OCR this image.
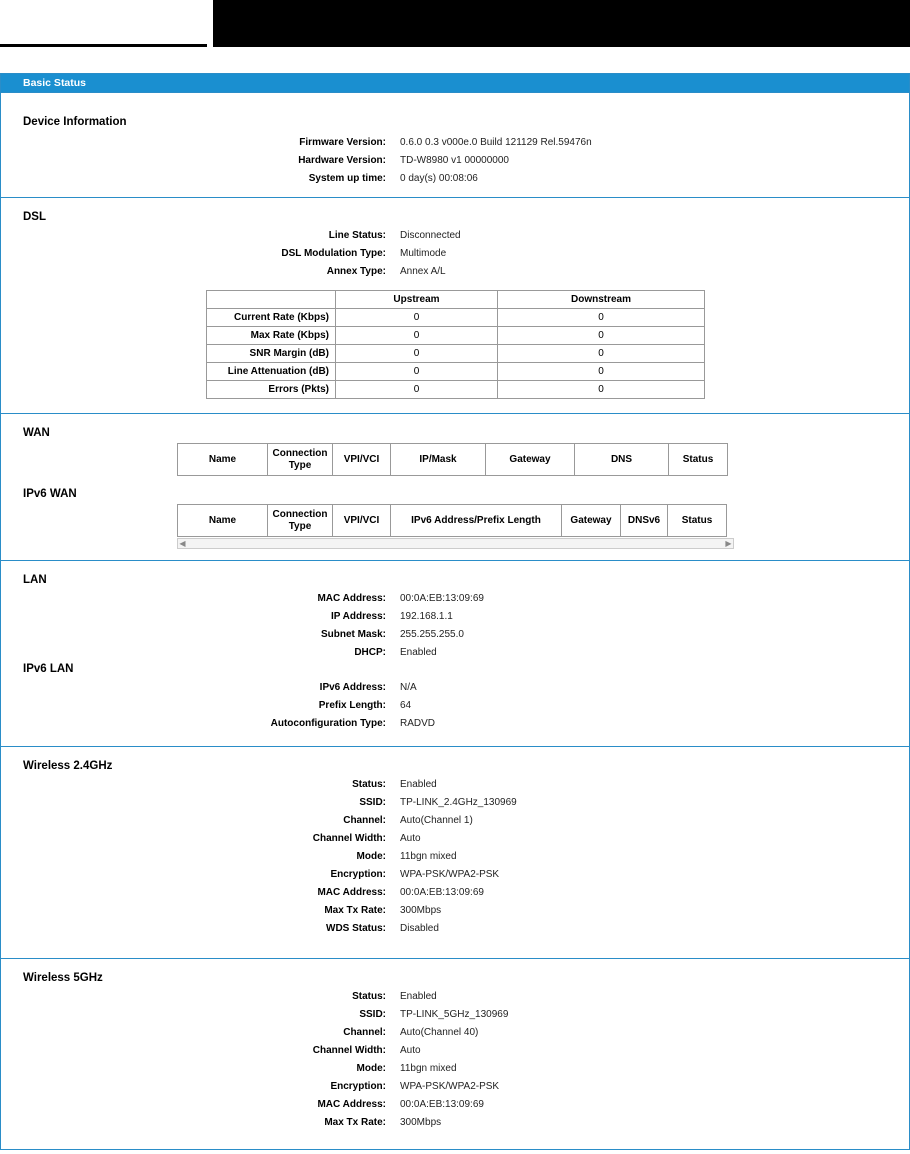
Basic Status
Device Information
Firmware Version: 0.6.0 0.3 v000e.0 Build 121129 Rel.59476n
Hardware Version: TD-W8980 v1 00000000
System up time: 0 day(s) 00:08:06
DSL
Line Status: Disconnected
DSL Modulation Type: Multimode
Annex Type: Annex A/L
	Upstream	Downstream
Current Rate (Kbps)	0	0
Max Rate (Kbps)	0	0
SNR Margin (dB)	0	0
Line Attenuation (dB)	0	0
Errors (Pkts)	0	0
WAN
Name	Connection Type	VPI/VCI	IP/Mask	Gateway	DNS	Status
IPv6 WAN
Name	Connection Type	VPI/VCI	IPv6 Address/Prefix Length	Gateway	DNSv6	Status
◀	▶
LAN
MAC Address: 00:0A:EB:13:09:69
IP Address: 192.168.1.1
Subnet Mask: 255.255.255.0
DHCP: Enabled
IPv6 LAN
IPv6 Address: N/A
Prefix Length: 64
Autoconfiguration Type: RADVD
Wireless 2.4GHz
Status: Enabled
SSID: TP-LINK_2.4GHz_130969
Channel: Auto(Channel 1)
Channel Width: Auto
Mode: 11bgn mixed
Encryption: WPA-PSK/WPA2-PSK
MAC Address: 00:0A:EB:13:09:69
Max Tx Rate: 300Mbps
WDS Status: Disabled
Wireless 5GHz
Status: Enabled
SSID: TP-LINK_5GHz_130969
Channel: Auto(Channel 40)
Channel Width: Auto
Mode: 11bgn mixed
Encryption: WPA-PSK/WPA2-PSK
MAC Address: 00:0A:EB:13:09:69
Max Tx Rate: 300Mbps
